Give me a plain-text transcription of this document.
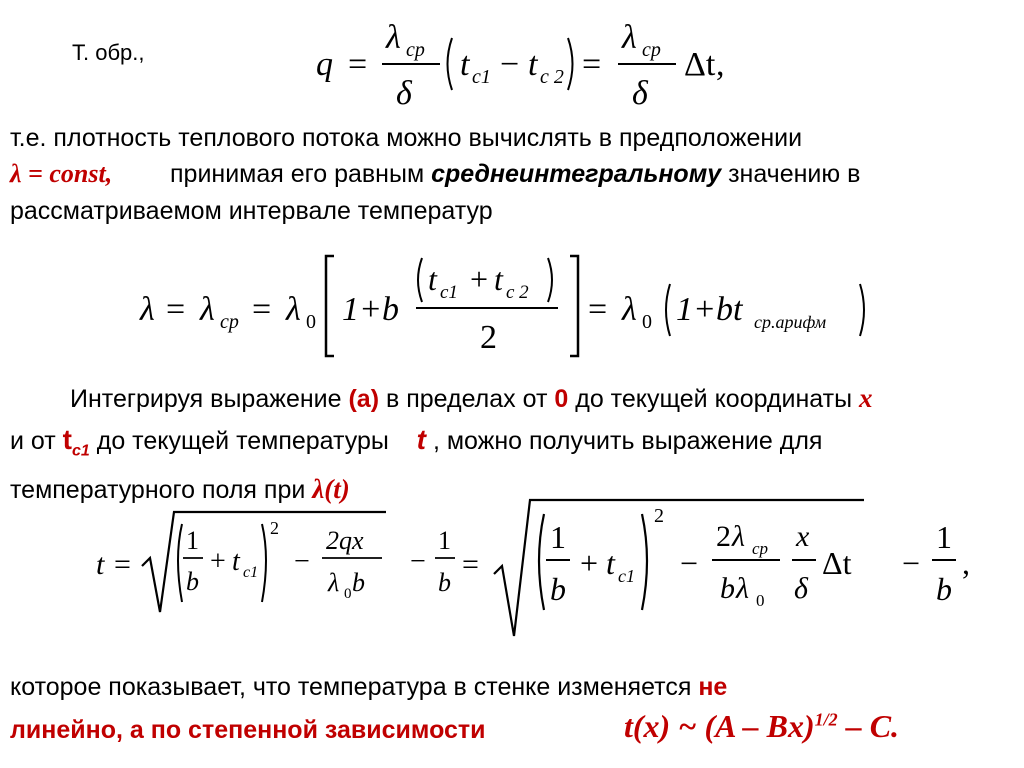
Т. обр.,	q =
λ cp
δ
t c1 − t c 2 =
λ cp
δ
Δt ,
т.е. плотность теплового потока можно вычислять в предположении
λ = const, принимая его равным среднеинтегральному значению в
рассматриваемом интервале температур
λ = λ cp = λ 0 1+b
t c1 + t c 2
2
= λ 0 1+bt ср.арифм
Интегрируя выражение (а) в пределах от 0 до текущей координаты x
и от $t_{c1}$ до текущей температуры t , можно получить выражение для
температурного поля при λ(t)
t =
1
b
+ t c1
2
−
2qx
λ 0 b
−
1
b
=
1
b
+ t c1
2
−
2 λ cp
b λ 0
x
δ
Δt −
1
b
,
которое показывает, что температура в стенке изменяется не
линейно, а по степенной зависимости	t(x) ~ (A – Bx)$^{1/2}$ – C.
